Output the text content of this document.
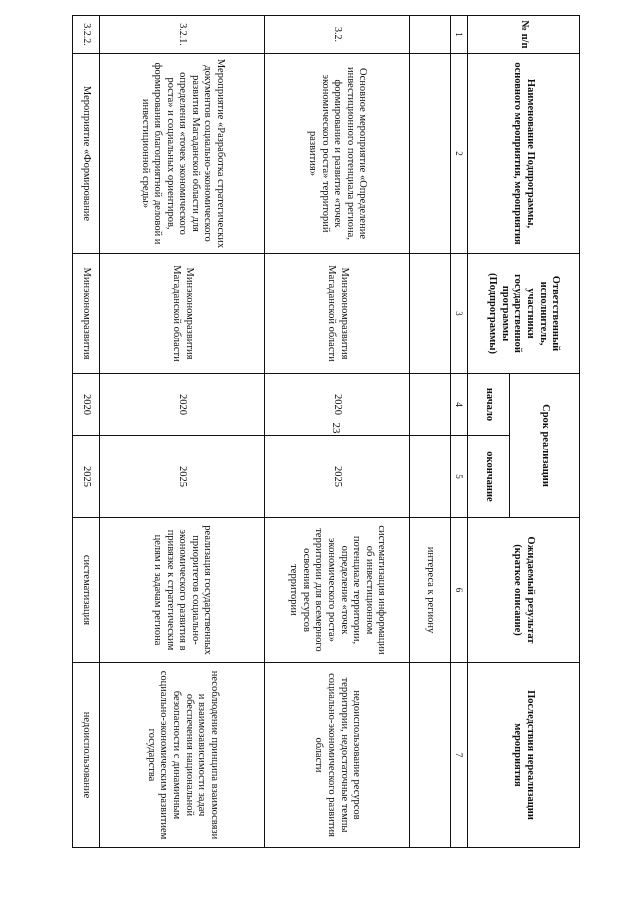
23
№ п/п	Наименование Подпрограммы, основного мероприятия, мероприятия	Ответственный исполнитель, участники государственной программы (Подпрограммы)	Срок реализации		Ожидаемый результат (краткое описание)	Последствия нереализации мероприятия
			начало	окончание		
1	2	3	4	5	6	7
					интереса к региону	
3.2.	Основное мероприятие «Определение инвестиционного потенциала региона, формирование и развитие «точек экономического роста» территорий развития»	Минэкономразвития Магаданской области	2020	2025	систематизация информации об инвестиционном потенциале территории, определение «точек экономического роста» территории для всемерного освоения ресурсов территории	недоиспользование ресурсов территории, недостаточные темпы социально-экономического развития области
3.2.1.	Мероприятие «Разработка стратегических документов социально-экономического развития Магаданской области для определения «точек экономического роста» и социальных ориентиров, формирования благоприятной деловой и инвестиционной среды»	Минэкономразвития Магаданской области	2020	2025	реализация государственных приоритетов социально-экономического развития в привязке к стратегическим целям и задачам региона	несоблюдение принципа взаимосвязи и взаимозависимости задач обеспечения национальной безопасности с динамичным социально-экономическим развитием государства
3.2.2.	Мероприятие «Формирование	Минэкономразвития	2020	2025	систематизация	недоиспользование
